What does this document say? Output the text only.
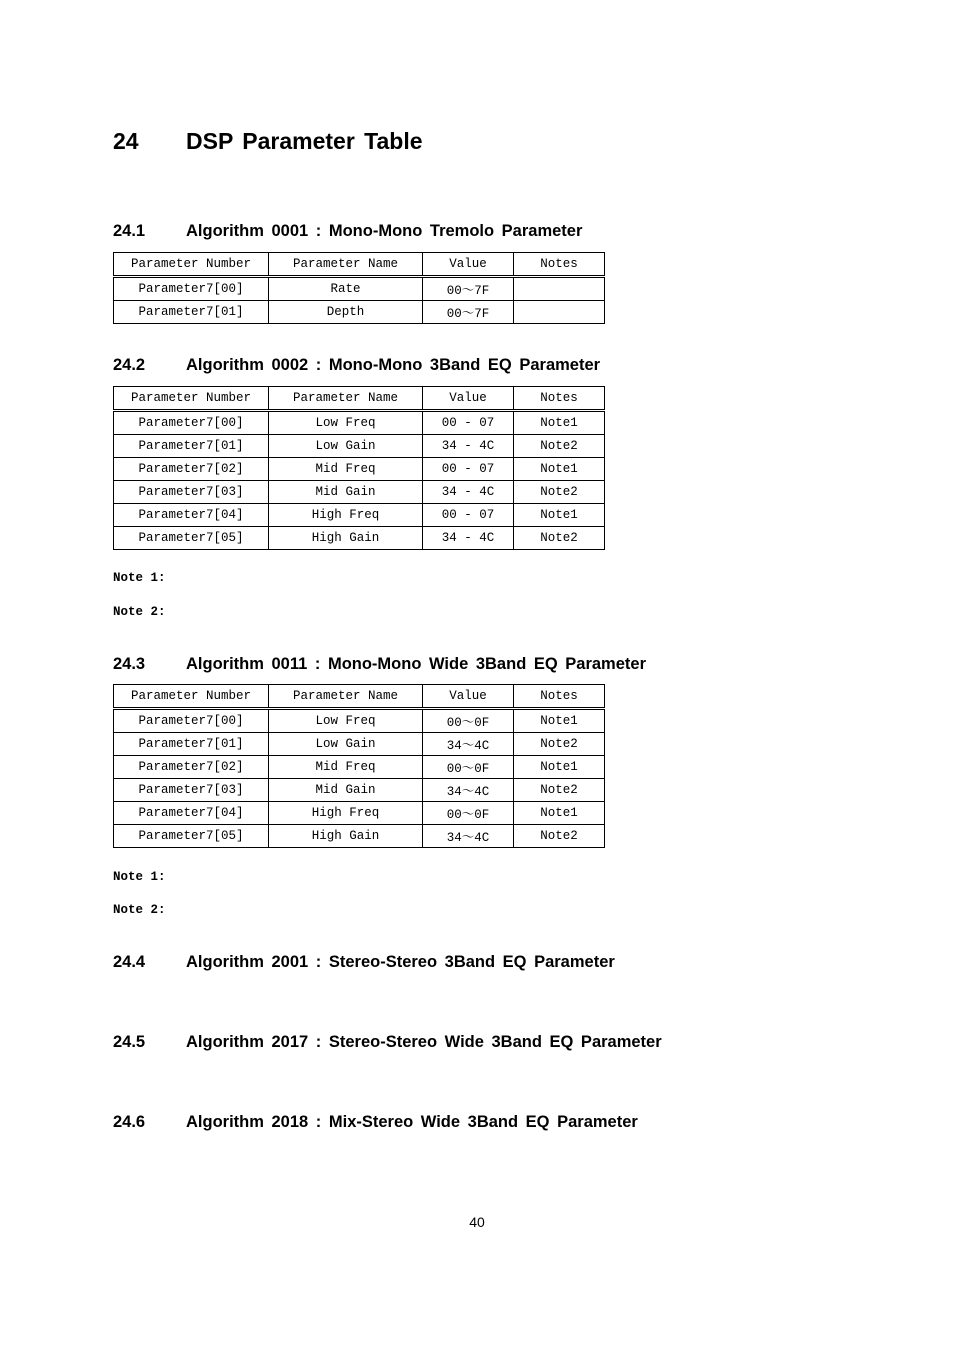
24 DSP Parameter Table
24.1 Algorithm 0001 : Mono-Mono Tremolo Parameter
Parameter Number	Parameter Name	Value	Notes
Parameter7[00]	Rate	00～7F	
Parameter7[01]	Depth	00～7F	
24.2 Algorithm 0002 : Mono-Mono 3Band EQ Parameter
Parameter Number	Parameter Name	Value	Notes
Parameter7[00]	Low Freq	00 - 07	Note1
Parameter7[01]	Low Gain	34 - 4C	Note2
Parameter7[02]	Mid Freq	00 - 07	Note1
Parameter7[03]	Mid Gain	34 - 4C	Note2
Parameter7[04]	High Freq	00 - 07	Note1
Parameter7[05]	High Gain	34 - 4C	Note2
Note 1:
Note 2:
24.3 Algorithm 0011 : Mono-Mono Wide 3Band EQ Parameter
Parameter Number	Parameter Name	Value	Notes
Parameter7[00]	Low Freq	00～0F	Note1
Parameter7[01]	Low Gain	34～4C	Note2
Parameter7[02]	Mid Freq	00～0F	Note1
Parameter7[03]	Mid Gain	34～4C	Note2
Parameter7[04]	High Freq	00～0F	Note1
Parameter7[05]	High Gain	34～4C	Note2
Note 1:
Note 2:
24.4 Algorithm 2001 : Stereo-Stereo 3Band EQ Parameter
24.5 Algorithm 2017 : Stereo-Stereo Wide 3Band EQ Parameter
24.6 Algorithm 2018 : Mix-Stereo Wide 3Band EQ Parameter
40
